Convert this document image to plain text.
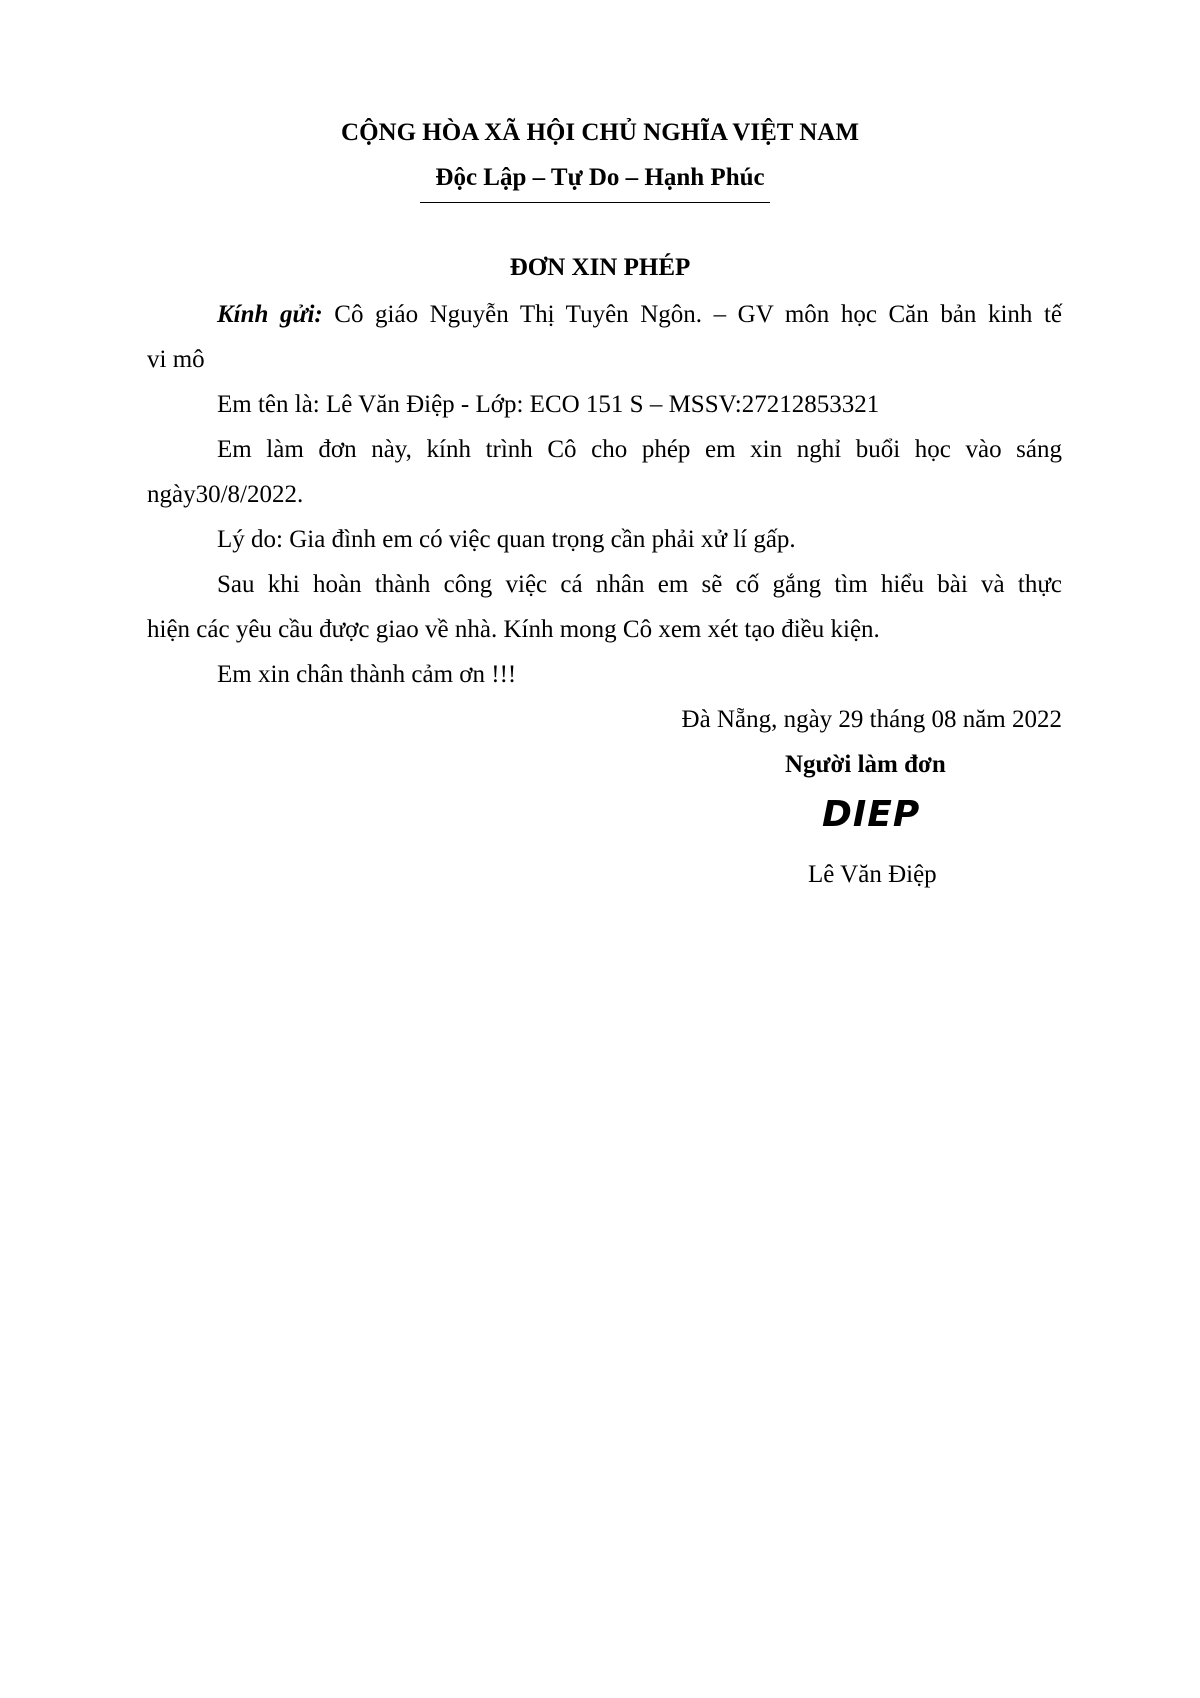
CỘNG HÒA XÃ HỘI CHỦ NGHĨA VIỆT NAM
Độc Lập – Tự Do – Hạnh Phúc
ĐƠN XIN PHÉP
Kính gửi: Cô giáo Nguyễn Thị Tuyên Ngôn. – GV môn học Căn bản kinh tế
vi mô
Em tên là: Lê Văn Điệp - Lớp: ECO 151 S – MSSV:27212853321
Em làm đơn này, kính trình Cô cho phép em xin nghỉ buổi học vào sáng
ngày30/8/2022.
Lý do: Gia đình em có việc quan trọng cần phải xử lí gấp.
Sau khi hoàn thành công việc cá nhân em sẽ cố gắng tìm hiểu bài và thực
hiện các yêu cầu được giao về nhà. Kính mong Cô xem xét tạo điều kiện.
Em xin chân thành cảm ơn !!!
Đà Nẵng, ngày 29 tháng 08 năm 2022
Người làm đơn
DIEP
Lê Văn Điệp
